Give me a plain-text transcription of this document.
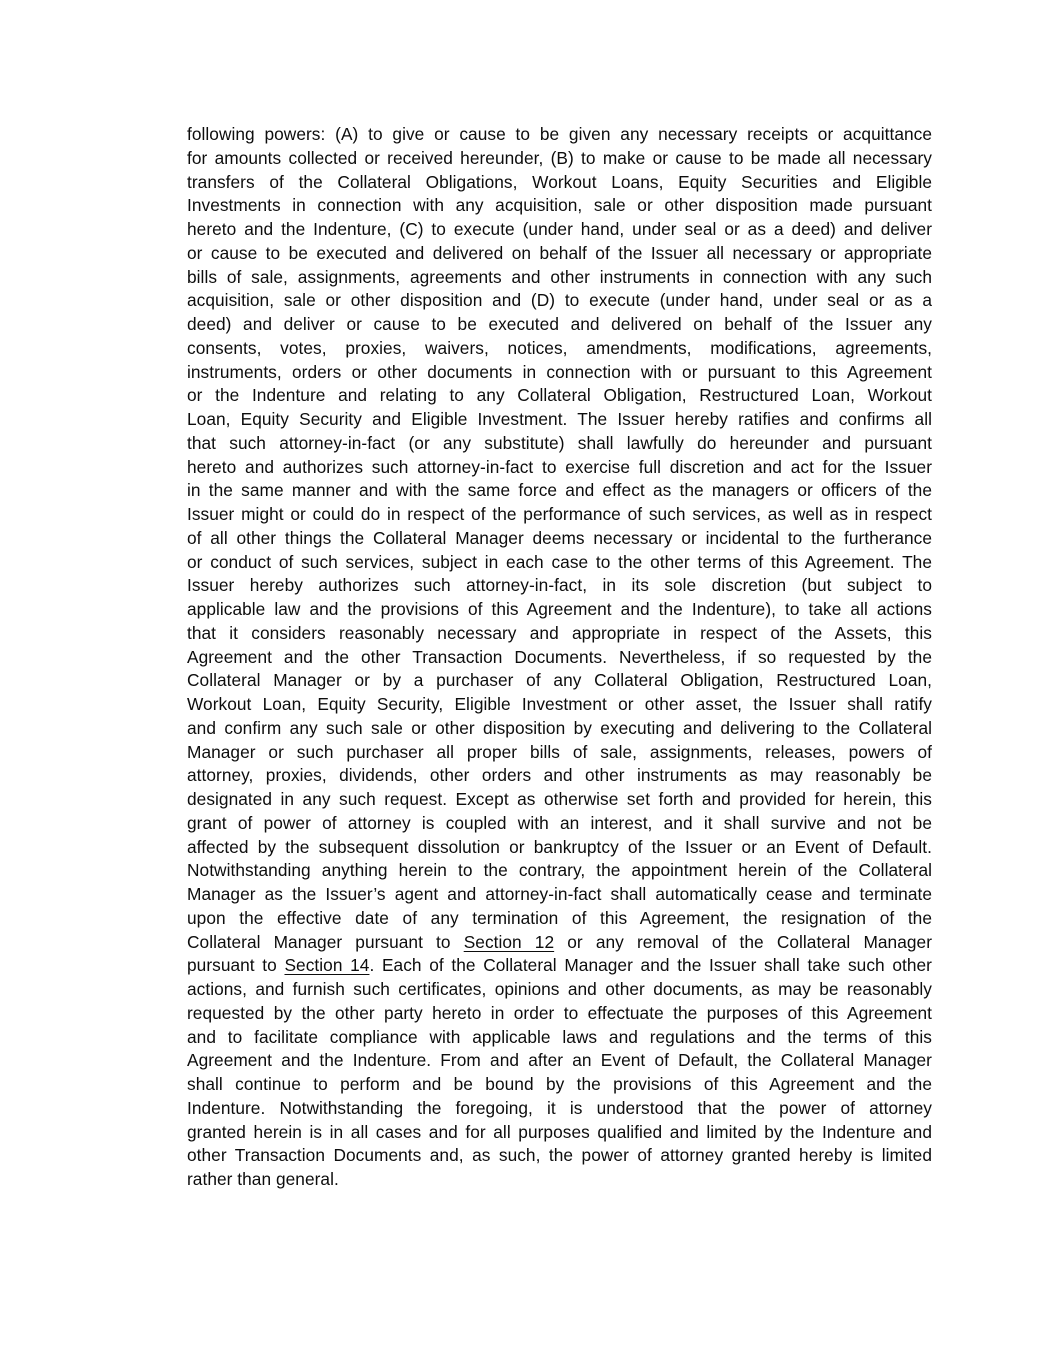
following powers: (A) to give or cause to be given any necessary receipts or acquittance
for amounts collected or received hereunder, (B) to make or cause to be made all necessary
transfers of the Collateral Obligations, Workout Loans, Equity Securities and Eligible
Investments in connection with any acquisition, sale or other disposition made pursuant
hereto and the Indenture, (C) to execute (under hand, under seal or as a deed) and deliver
or cause to be executed and delivered on behalf of the Issuer all necessary or appropriate
bills of sale, assignments, agreements and other instruments in connection with any such
acquisition, sale or other disposition and (D) to execute (under hand, under seal or as a
deed) and deliver or cause to be executed and delivered on behalf of the Issuer any
consents, votes, proxies, waivers, notices, amendments, modifications, agreements,
instruments, orders or other documents in connection with or pursuant to this Agreement
or the Indenture and relating to any Collateral Obligation, Restructured Loan, Workout
Loan, Equity Security and Eligible Investment. The Issuer hereby ratifies and confirms all
that such attorney-in-fact (or any substitute) shall lawfully do hereunder and pursuant
hereto and authorizes such attorney-in-fact to exercise full discretion and act for the Issuer
in the same manner and with the same force and effect as the managers or officers of the
Issuer might or could do in respect of the performance of such services, as well as in respect
of all other things the Collateral Manager deems necessary or incidental to the furtherance
or conduct of such services, subject in each case to the other terms of this Agreement. The
Issuer hereby authorizes such attorney-in-fact, in its sole discretion (but subject to
applicable law and the provisions of this Agreement and the Indenture), to take all actions
that it considers reasonably necessary and appropriate in respect of the Assets, this
Agreement and the other Transaction Documents. Nevertheless, if so requested by the
Collateral Manager or by a purchaser of any Collateral Obligation, Restructured Loan,
Workout Loan, Equity Security, Eligible Investment or other asset, the Issuer shall ratify
and confirm any such sale or other disposition by executing and delivering to the Collateral
Manager or such purchaser all proper bills of sale, assignments, releases, powers of
attorney, proxies, dividends, other orders and other instruments as may reasonably be
designated in any such request. Except as otherwise set forth and provided for herein, this
grant of power of attorney is coupled with an interest, and it shall survive and not be
affected by the subsequent dissolution or bankruptcy of the Issuer or an Event of Default.
Notwithstanding anything herein to the contrary, the appointment herein of the Collateral
Manager as the Issuer’s agent and attorney-in-fact shall automatically cease and terminate
upon the effective date of any termination of this Agreement, the resignation of the
Collateral Manager pursuant to Section 12 or any removal of the Collateral Manager
pursuant to Section 14. Each of the Collateral Manager and the Issuer shall take such other
actions, and furnish such certificates, opinions and other documents, as may be reasonably
requested by the other party hereto in order to effectuate the purposes of this Agreement
and to facilitate compliance with applicable laws and regulations and the terms of this
Agreement and the Indenture. From and after an Event of Default, the Collateral Manager
shall continue to perform and be bound by the provisions of this Agreement and the
Indenture. Notwithstanding the foregoing, it is understood that the power of attorney
granted herein is in all cases and for all purposes qualified and limited by the Indenture and
other Transaction Documents and, as such, the power of attorney granted hereby is limited
rather than general.
